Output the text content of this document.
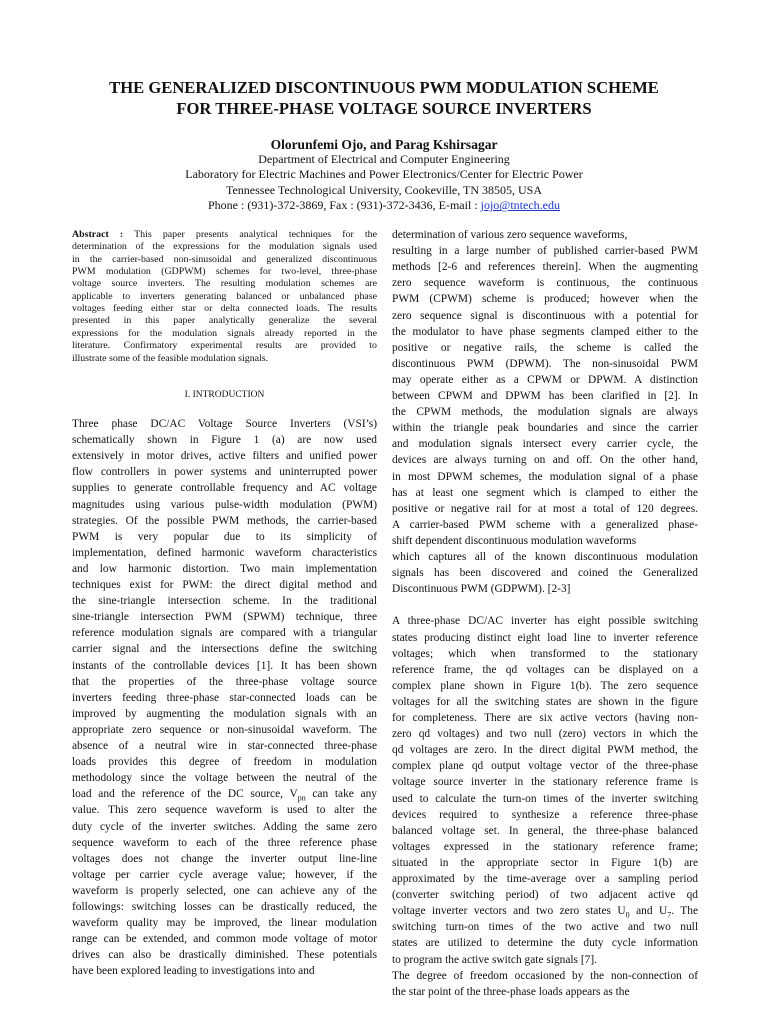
THE GENERALIZED DISCONTINUOUS PWM MODULATION SCHEME
FOR THREE-PHASE VOLTAGE SOURCE INVERTERS
Olorunfemi Ojo, and Parag Kshirsagar
Department of Electrical and Computer Engineering
Laboratory for Electric Machines and Power Electronics/Center for Electric Power
Tennessee Technological University, Cookeville, TN 38505, USA
Phone : (931)-372-3869, Fax : (931)-372-3436, E-mail : jojo@tntech.edu
Abstract : This paper presents analytical techniques for the
determination of the expressions for the modulation signals used
in the carrier-based non-sinusoidal and generalized discontinuous
PWM modulation (GDPWM) schemes for two-level, three-phase
voltage source inverters. The resulting modulation schemes are
applicable to inverters generating balanced or unbalanced phase
voltages feeding either star or delta connected loads. The results
presented in this paper analytically generalize the several
expressions for the modulation signals already reported in the
literature. Confirmatory experimental results are provided to
illustrate some of the feasible modulation signals.
I. INTRODUCTION
Three phase DC/AC Voltage Source Inverters (VSI’s)
schematically shown in Figure 1 (a) are now used
extensively in motor drives, active filters and unified power
flow controllers in power systems and uninterrupted power
supplies to generate controllable frequency and AC voltage
magnitudes using various pulse-width modulation (PWM)
strategies. Of the possible PWM methods, the carrier-based
PWM is very popular due to its simplicity of
implementation, defined harmonic waveform characteristics
and low harmonic distortion. Two main implementation
techniques exist for PWM: the direct digital method and
the sine-triangle intersection scheme. In the traditional
sine-triangle intersection PWM (SPWM) technique, three
reference modulation signals are compared with a triangular
carrier signal and the intersections define the switching
instants of the controllable devices [1]. It has been shown
that the properties of the three-phase voltage source
inverters feeding three-phase star-connected loads can be
improved by augmenting the modulation signals with an
appropriate zero sequence or non-sinusoidal waveform. The
absence of a neutral wire in star-connected three-phase
loads provides this degree of freedom in modulation
methodology since the voltage between the neutral of the
load and the reference of the DC source, $V_{pn}$ can take any
value. This zero sequence waveform is used to alter the
duty cycle of the inverter switches. Adding the same zero
sequence waveform to each of the three reference phase
voltages does not change the inverter output line-line
voltage per carrier cycle average value; however, if the
waveform is properly selected, one can achieve any of the
followings: switching losses can be drastically reduced, the
waveform quality may be improved, the linear modulation
range can be extended, and common mode voltage of motor
drives can also be drastically diminished. These potentials
have been explored leading to investigations into and
determination of various zero sequence waveforms,
resulting in a large number of published carrier-based PWM
methods [2-6 and references therein]. When the augmenting
zero sequence waveform is continuous, the continuous
PWM (CPWM) scheme is produced; however when the
zero sequence signal is discontinuous with a potential for
the modulator to have phase segments clamped either to the
positive or negative rails, the scheme is called the
discontinuous PWM (DPWM). The non-sinusoidal PWM
may operate either as a CPWM or DPWM. A distinction
between CPWM and DPWM has been clarified in [2]. In
the CPWM methods, the modulation signals are always
within the triangle peak boundaries and since the carrier
and modulation signals intersect every carrier cycle, the
devices are always turning on and off. On the other hand,
in most DPWM schemes, the modulation signal of a phase
has at least one segment which is clamped to either the
positive or negative rail for at most a total of 120 degrees.
A carrier-based PWM scheme with a generalized phase-
shift dependent discontinuous modulation waveforms
which captures all of the known discontinuous modulation
signals has been discovered and coined the Generalized
Discontinuous PWM (GDPWM). [2-3]
A three-phase DC/AC inverter has eight possible switching
states producing distinct eight load line to inverter reference
voltages; which when transformed to the stationary
reference frame, the qd voltages can be displayed on a
complex plane shown in Figure 1(b). The zero sequence
voltages for all the switching states are shown in the figure
for completeness. There are six active vectors (having non-
zero qd voltages) and two null (zero) vectors in which the
qd voltages are zero. In the direct digital PWM method, the
complex plane qd output voltage vector of the three-phase
voltage source inverter in the stationary reference frame is
used to calculate the turn-on times of the inverter switching
devices required to synthesize a reference three-phase
balanced voltage set. In general, the three-phase balanced
voltages expressed in the stationary reference frame;
situated in the appropriate sector in Figure 1(b) are
approximated by the time-average over a sampling period
(converter switching period) of two adjacent active qd
voltage inverter vectors and two zero states $U_0$ and $U_7$. The
switching turn-on times of the two active and two null
states are utilized to determine the duty cycle information
to program the active switch gate signals [7].
The degree of freedom occasioned by the non-connection of
the star point of the three-phase loads appears as the
